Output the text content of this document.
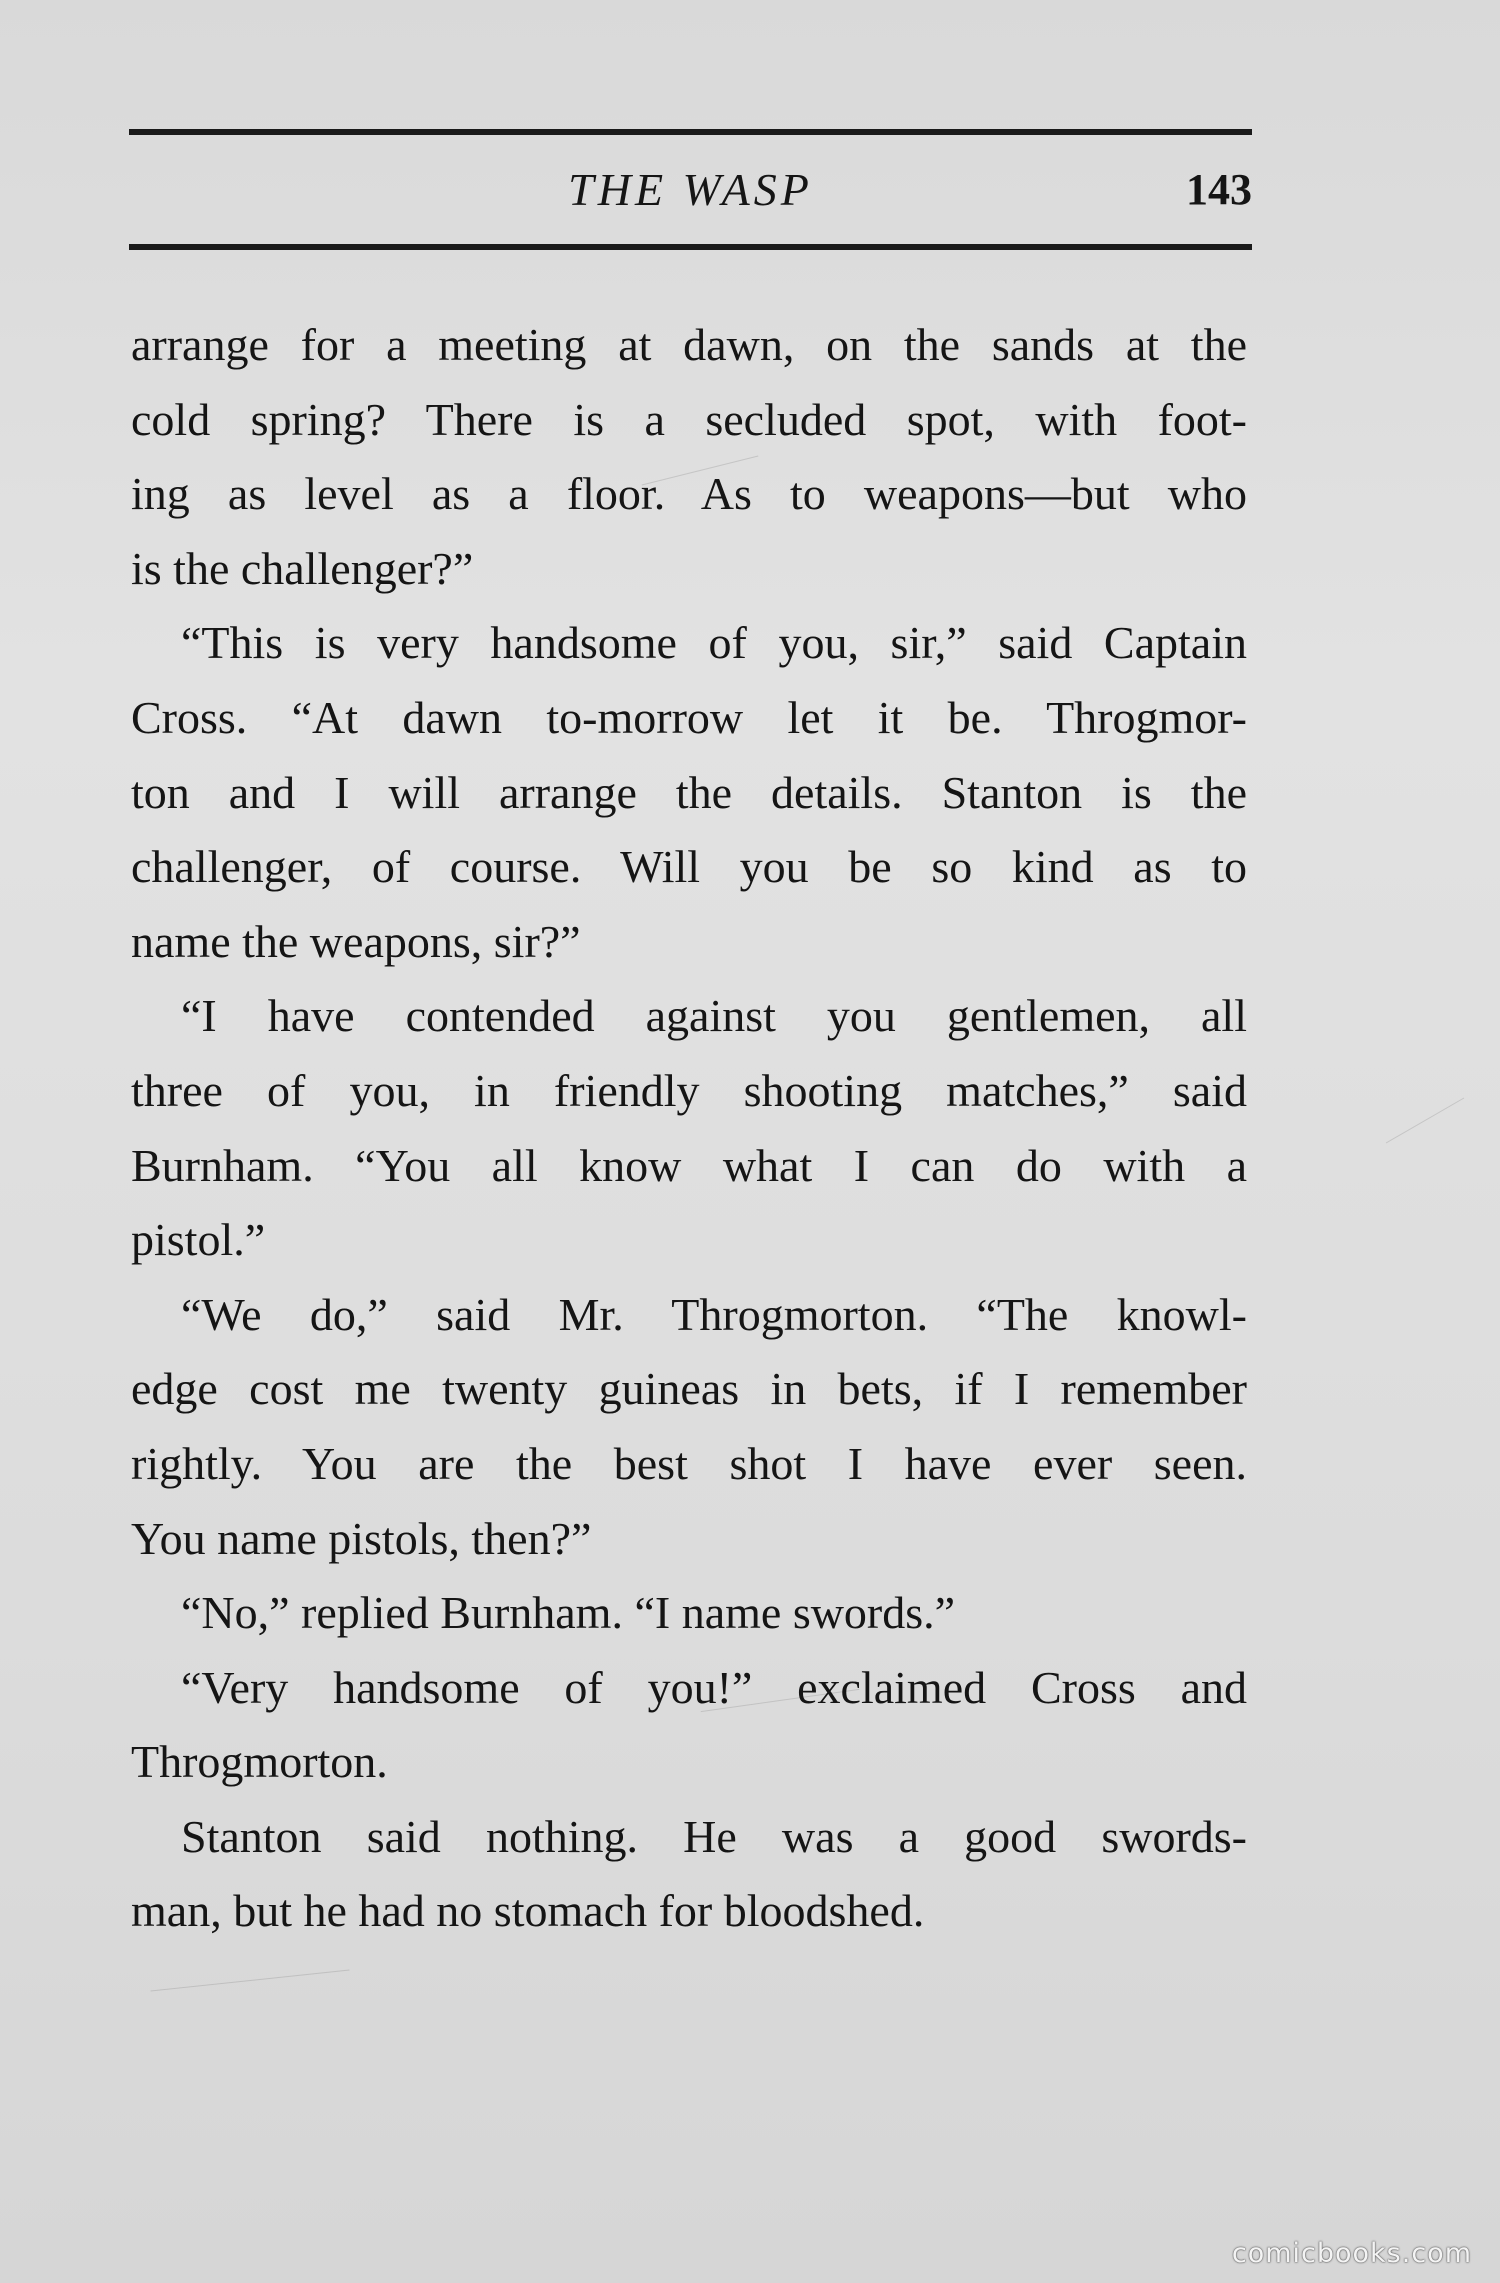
THE WASP	143
arrange for a meeting at dawn, on the sands at the
cold spring? There is a secluded spot, with foot-
ing as level as a floor. As to weapons—but who
is the challenger?”
“This is very handsome of you, sir,” said Captain
Cross. “At dawn to-morrow let it be. Throgmor-
ton and I will arrange the details. Stanton is the
challenger, of course. Will you be so kind as to
name the weapons, sir?”
“I have contended against you gentlemen, all
three of you, in friendly shooting matches,” said
Burnham. “You all know what I can do with a
pistol.”
“We do,” said Mr. Throgmorton. “The knowl-
edge cost me twenty guineas in bets, if I remember
rightly. You are the best shot I have ever seen.
You name pistols, then?”
“No,” replied Burnham. “I name swords.”
“Very handsome of you!” exclaimed Cross and
Throgmorton.
Stanton said nothing. He was a good swords-
man, but he had no stomach for bloodshed.
comicbooks.com
